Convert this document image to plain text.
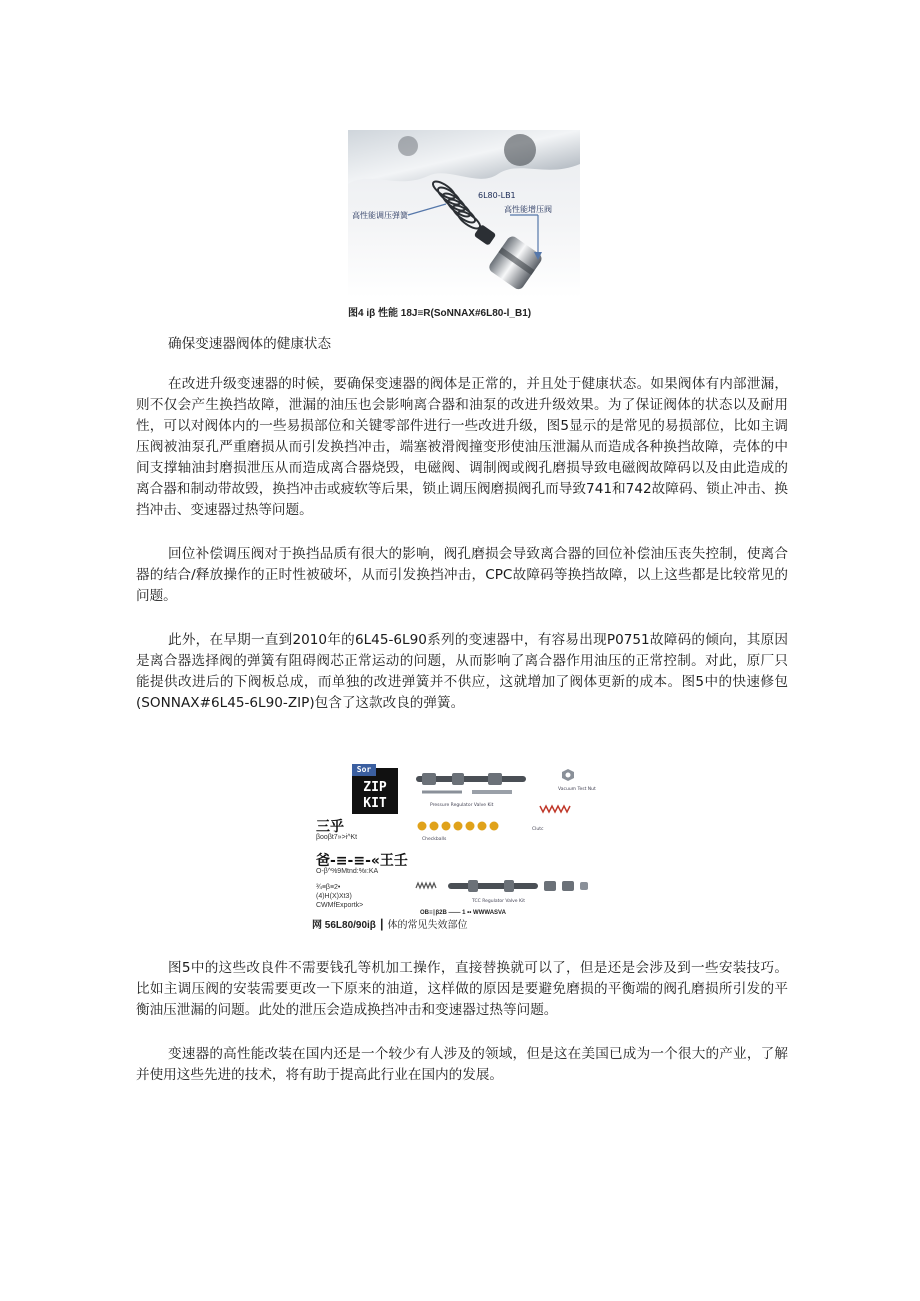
高性能调压弹簧
6L80-LB1
高性能增压阀
图4 iβ 性能 18J≡R(SoNNAX#6L80-l_B1)

确保变速器阀体的健康状态

在改进升级变速器的时候，要确保变速器的阀体是正常的，并且处于健康状态。如果阀体有内部泄漏，则不仅会产生换挡故障，泄漏的油压也会影响离合器和油泵的改进升级效果。为了保证阀体的状态以及耐用性，可以对阀体内的一些易损部位和关键零部件进行一些改进升级，图5显示的是常见的易损部位，比如主调压阀被油泵孔严重磨损从而引发换挡冲击，端塞被滑阀撞变形使油压泄漏从而造成各种换挡故障，壳体的中间支撑轴油封磨损泄压从而造成离合器烧毁，电磁阀、调制阀或阀孔磨损导致电磁阀故障码以及由此造成的离合器和制动带故毁，换挡冲击或疲软等后果，锁止调压阀磨损阀孔而导致741和742故障码、锁止冲击、换挡冲击、变速器过热等问题。

回位补偿调压阀对于换挡品质有很大的影响，阀孔磨损会导致离合器的回位补偿油压丧失控制，使离合器的结合/释放操作的正时性被破坏，从而引发换挡冲击，CPC故障码等换挡故障，以上这些都是比较常见的问题。

此外，在早期一直到2010年的6L45-6L90系列的变速器中，有容易出现P0751故障码的倾向，其原因是离合器选择阀的弹簧有阻碍阀芯正常运动的问题，从而影响了离合器作用油压的正常控制。对此，原厂只能提供改进后的下阀板总成，而单独的改进弹簧并不供应，这就增加了阀体更新的成本。图5中的快速修包(SONNAX#6L45-6L90-ZIP)包含了这款改良的弹簧。

图5中的这些改良件不需要钱孔等机加工操作，直接替换就可以了，但是还是会涉及到一些安装技巧。比如主调压阀的安装需要更改一下原来的油道，这样做的原因是要避免磨损的平衡端的阀孔磨损所引发的平衡油压泄漏的问题。此处的泄压会造成换挡冲击和变速器过热等问题。

变速器的高性能改装在国内还是一个较少有人涉及的领域，但是这在美国已成为一个很大的产业，了解并使用这些先进的技术，将有助于提高此行业在国内的发展。

Sor
ZIP
KIT
三乎
βooβt7»>i^Kt
爸-≡-≡-«王壬
O-β^%9Mtnd:%ı:KA
¾≡β≡2•
(4)H(X)Xt3)
CWMfExportk>
Pressure Regulator Valve Kit
Vacuum Test Nut
Checkballs
Clutc
TCC Regulator Valve Kit
OB≡∣β2B —— 1 •• WWWASVA
网 56L80/90iβ ┃ 体的常见失效部位
